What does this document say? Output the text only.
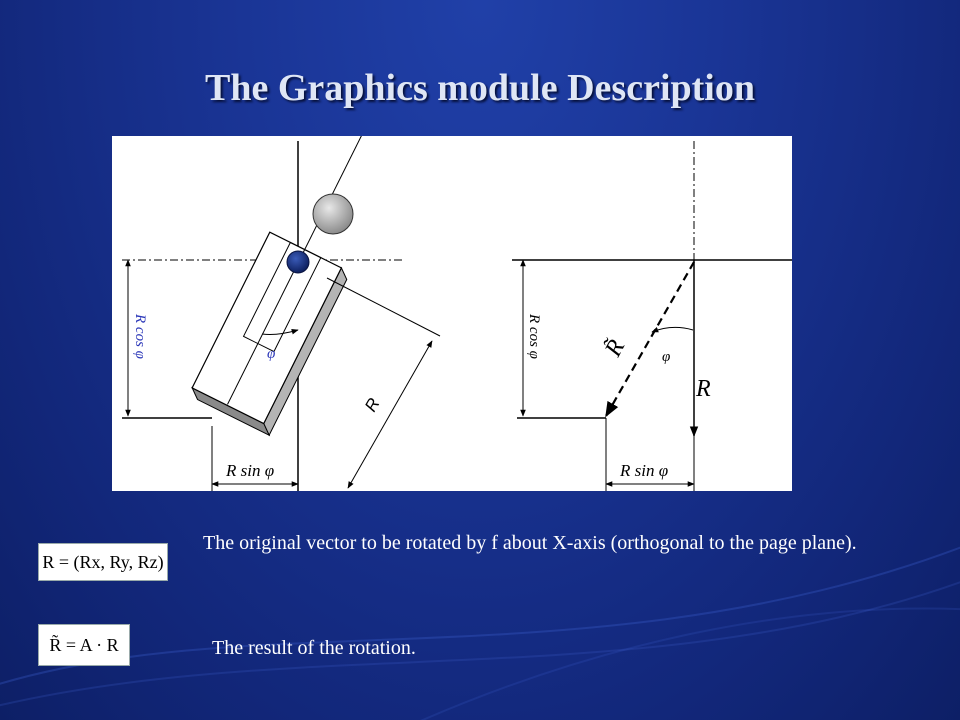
The Graphics module Description
φ
R cos φ
R sin φ
R
φ
R cos φ
R sin φ
R̃
R
R = (Rx, Ry, Rz)
R̃ = A · R
The original vector to be rotated by f about X-axis (orthogonal to the page plane).
The result of the rotation.
